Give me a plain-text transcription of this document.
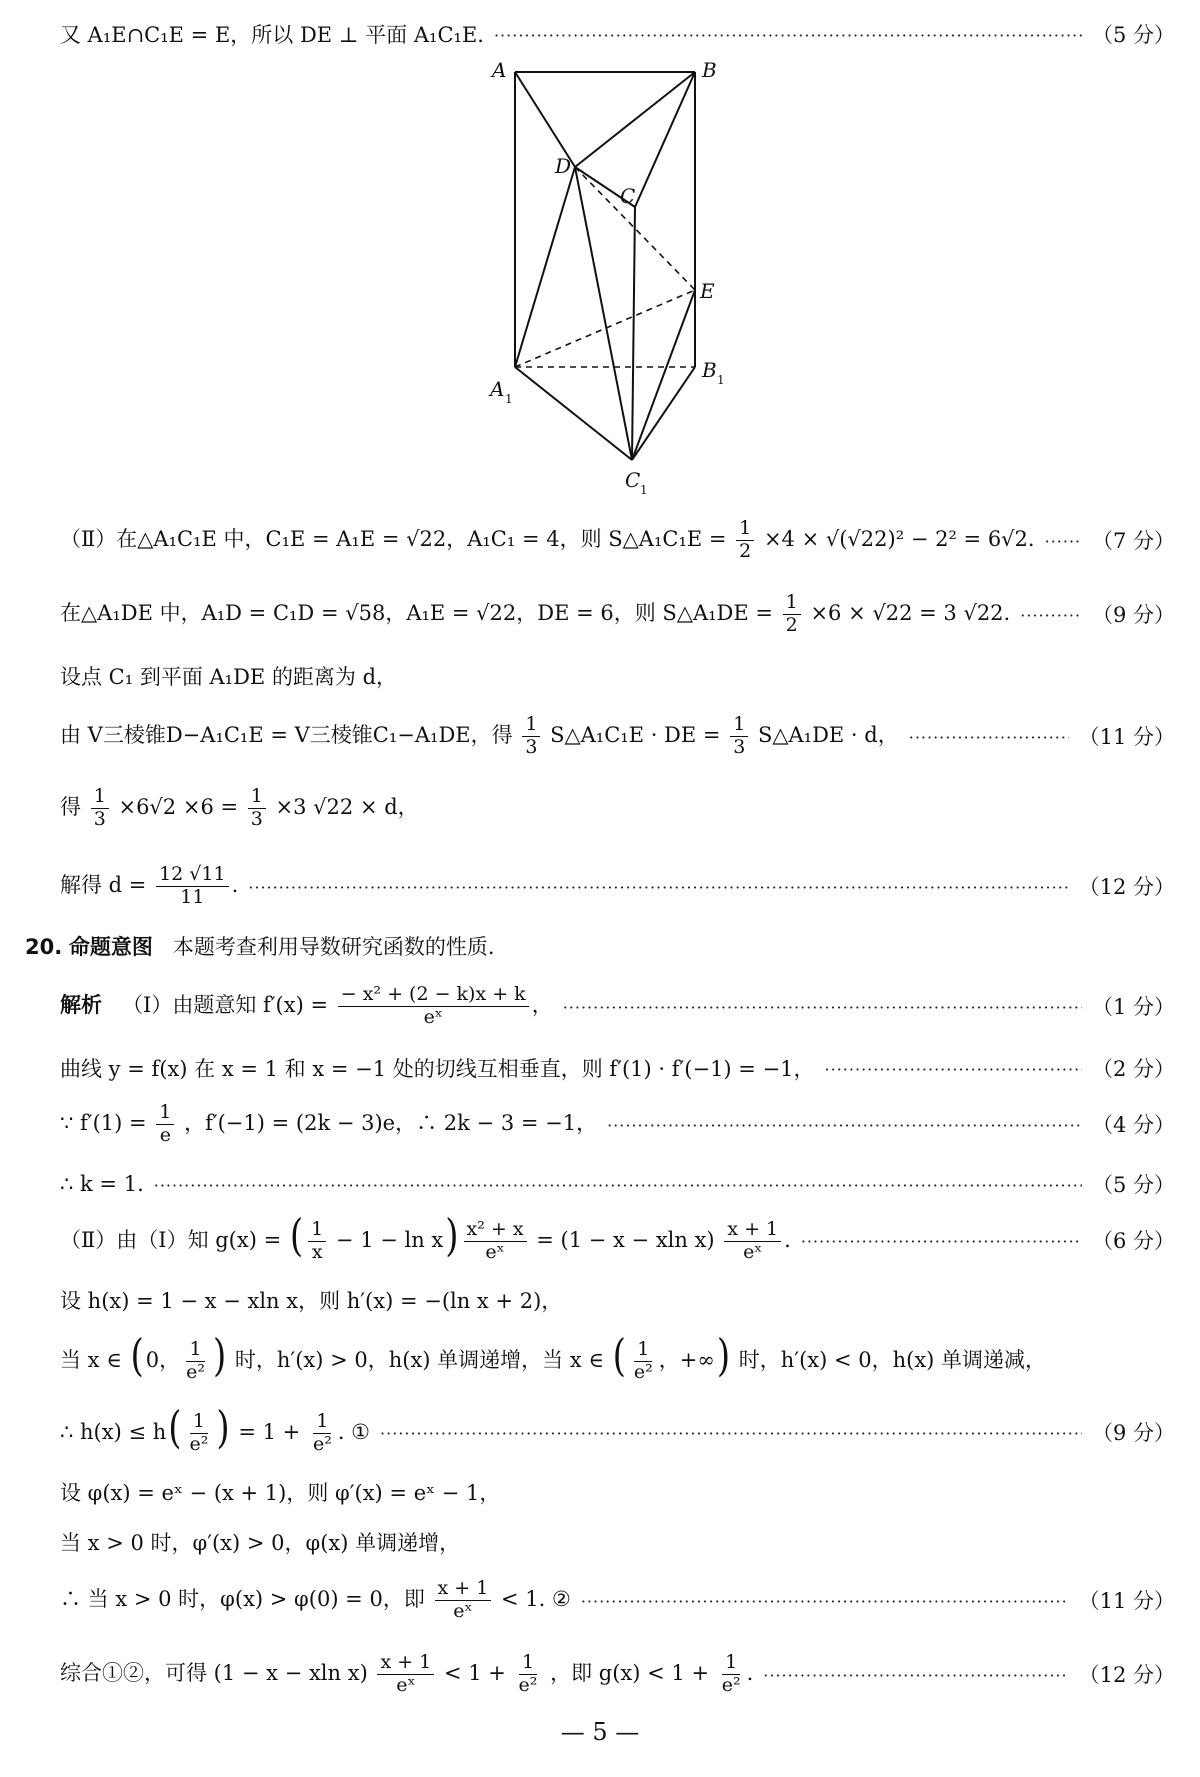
又 A₁E∩C₁E = E，所以 DE ⊥ 平面 A₁C₁E. ·····	（5 分）
A	B
D
C
E
A
B
C
1
1
1
（Ⅱ）在△A₁C₁E 中，C₁E = A₁E = √22，A₁C₁ = 4，则 S△A₁C₁E = $\frac{1}{2} \times 4 \times √(√22)^2 - 2^2 = 6√2$. ·····	（7 分）
在△A₁DE 中，A₁D = C₁D = √58，A₁E = √22，DE = 6，则 S△A₁DE = $\frac{1}{2} \times 6 \times √22 = 3$ √22. ·····	（9 分）
设点 C₁ 到平面 A₁DE 的距离为 d，
由 V三棱锥D−A₁C₁E = V三棱锥C₁−A₁DE，得 $\frac{1}{3}$ S△A₁C₁E · DE = $\frac{1}{3}$ S△A₁DE · d， ·····	（11 分）
得 $\frac{1}{3} \times 6√2 \times 6 = \frac{1}{3} \times 3$ √22 × d，
解得 $d = \frac{12 √11}{11}$ . ·····	（12 分）
20. 命题意图 本题考查利用导数研究函数的性质.
解析 （Ⅰ）由题意知 $f'(x) = \frac{\text{− x² + (2 − k)x + k}}{\text{eˣ}}$ ， ·····	（1 分）
曲线 y = f(x) 在 x = 1 和 x = −1 处的切线互相垂直，则 f′(1) · f′(−1) = −1， ·····	（2 分）
∵ $f'(1) = \frac{1}{e}$ ，f′(−1) = (2k − 3)e，∴ 2k − 3 = −1， ·····	（4 分）
∴ k = 1. ·····	（5 分）
（Ⅱ）由（Ⅰ）知 g(x) = ( $\frac{1}{x} - 1 - \ln x) \frac{\text{x² + x}}{\text{eˣ}} = (1 - x - xln$ $x) \frac{x + 1}{\text{eˣ}}$ . ·····	（6 分）
设 h(x) = 1 − x − xln x，则 h′(x) = −(ln x + 2)，
当 x ∈ (0， $\frac{1}{\text{e²}}$ ) 时，h′(x) > 0，h(x) 单调递增，当 x ∈ ( $\frac{1}{\text{e²}}$ ，+∞) 时，h′(x) < 0，h(x) 单调递减，
∴ $h(x) \le h( \frac{1}{\text{e²}}$ ) = $1 + \frac{1}{\text{e²}}$ . ① ·····	（9 分）
设 φ(x) = eˣ − (x + 1)，则 φ′(x) = eˣ − 1，
当 x > 0 时，φ′(x) > 0，φ(x) 单调递增，
∴ 当 x > 0 时，φ(x) > φ(0) = 0，即 $\frac{x + 1}{\text{eˣ}} < 1$. ② ·····	（11 分）
综合①②，可得 (1 − x − xln $x) \frac{x + 1}{\text{eˣ}} < 1 + \frac{1}{\text{e²}}$ ，即 $g(x) < 1 + \frac{1}{\text{e²}}$ . ·····	（12 分）
— 5 —
